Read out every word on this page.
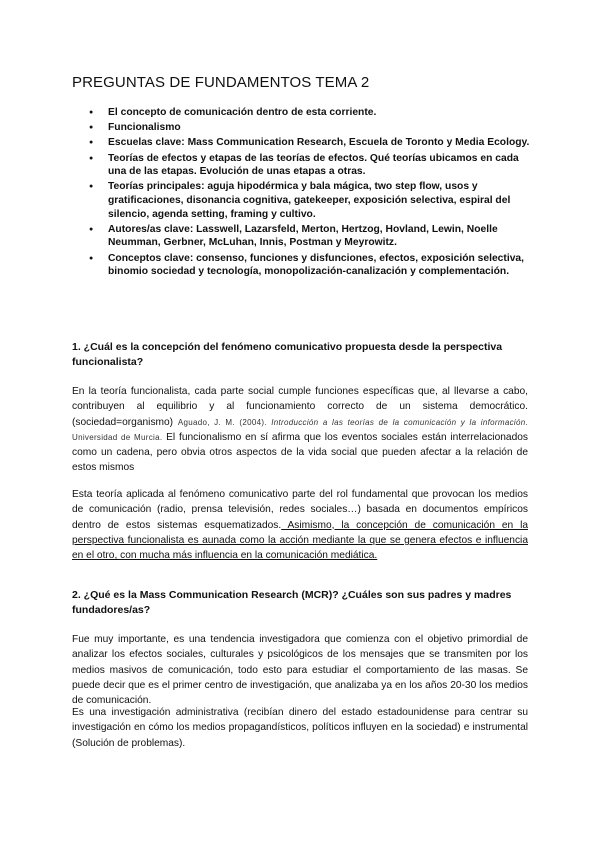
PREGUNTAS DE FUNDAMENTOS TEMA 2
● El concepto de comunicación dentro de esta corriente.
● Funcionalismo
● Escuelas clave: Mass Communication Research, Escuela de Toronto y Media Ecology.
● Teorías de efectos y etapas de las teorías de efectos. Qué teorías ubicamos en cada una de las etapas. Evolución de unas etapas a otras.
● Teorías principales: aguja hipodérmica y bala mágica, two step flow, usos y gratificaciones, disonancia cognitiva, gatekeeper, exposición selectiva, espiral del silencio, agenda setting, framing y cultivo.
● Autores/as clave: Lasswell, Lazarsfeld, Merton, Hertzog, Hovland, Lewin, Noelle Neumman, Gerbner, McLuhan, Innis, Postman y Meyrowitz.
● Conceptos clave: consenso, funciones y disfunciones, efectos, exposición selectiva, binomio sociedad y tecnología, monopolización-canalización y complementación.

1. ¿Cuál es la concepción del fenómeno comunicativo propuesta desde la perspectiva funcionalista?

En la teoría funcionalista, cada parte social cumple funciones específicas que, al llevarse a cabo, contribuyen al equilibrio y al funcionamiento correcto de un sistema democrático. (sociedad=organismo) Aguado, J. M. (2004). Introducción a las teorías de la comunicación y la información. Universidad de Murcia. El funcionalismo en sí afirma que los eventos sociales están interrelacionados como un cadena, pero obvia otros aspectos de la vida social que pueden afectar a la relación de estos mismos

Esta teoría aplicada al fenómeno comunicativo parte del rol fundamental que provocan los medios de comunicación (radio, prensa televisión, redes sociales…) basada en documentos empíricos dentro de estos sistemas esquematizados. Asimismo, la concepción de comunicación en la perspectiva funcionalista es aunada como la acción mediante la que se genera efectos e influencia en el otro, con mucha más influencia en la comunicación mediática.

2. ¿Qué es la Mass Communication Research (MCR)? ¿Cuáles son sus padres y madres fundadores/as?

Fue muy importante, es una tendencia investigadora que comienza con el objetivo primordial de analizar los efectos sociales, culturales y psicológicos de los mensajes que se transmiten por los medios masivos de comunicación, todo esto para estudiar el comportamiento de las masas. Se puede decir que es el primer centro de investigación, que analizaba ya en los años 20-30 los medios de comunicación.

Es una investigación administrativa (recibían dinero del estado estadounidense para centrar su investigación en cómo los medios propagandísticos, políticos influyen en la sociedad) e instrumental (Solución de problemas).
